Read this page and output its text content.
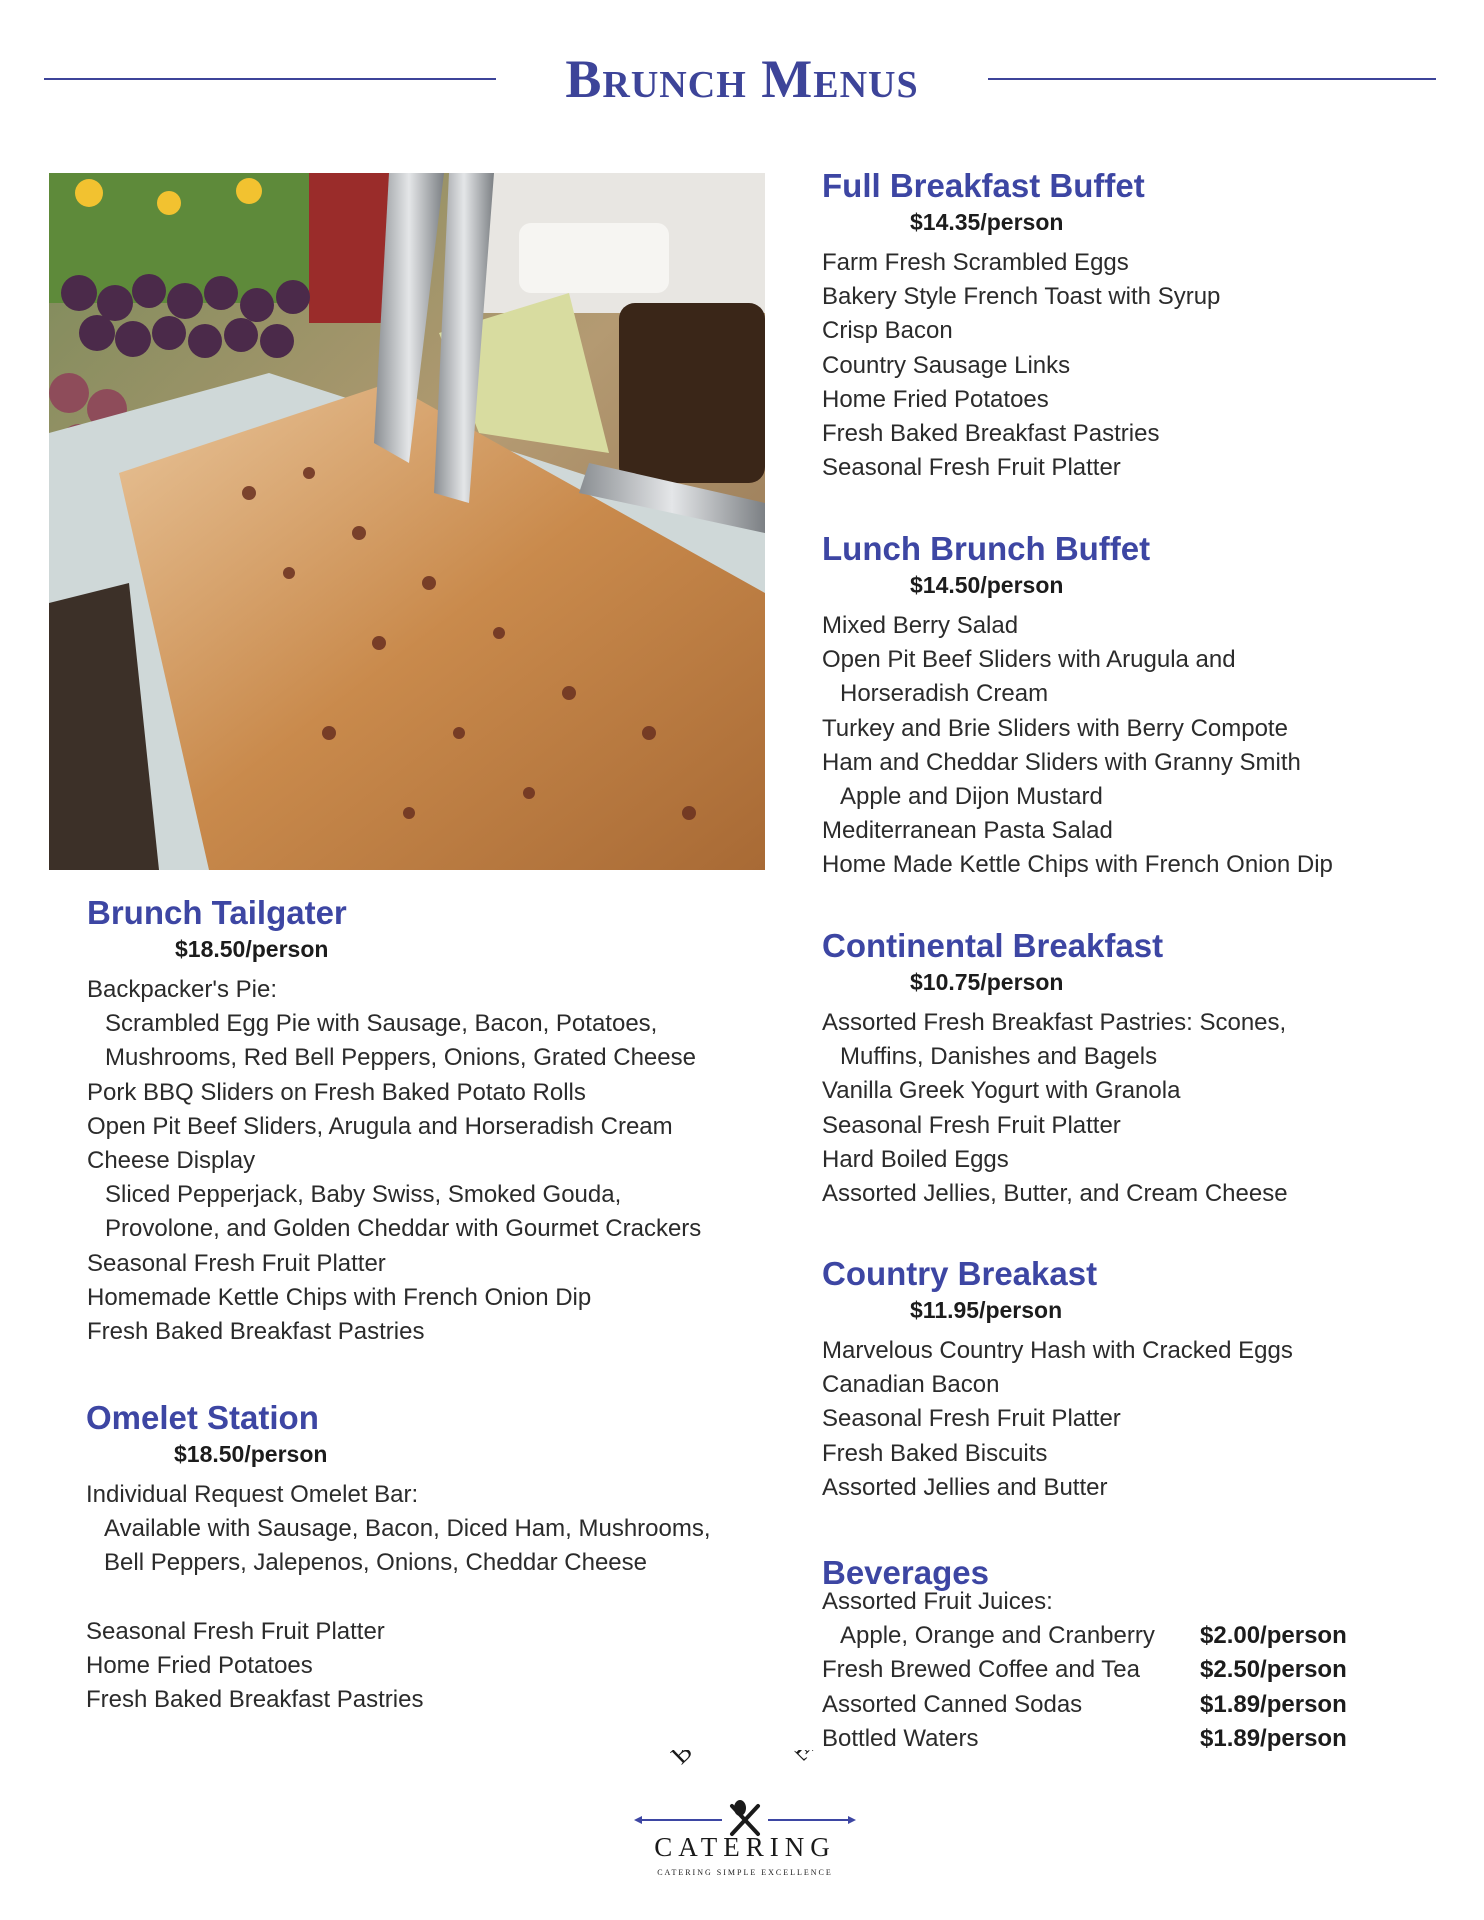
Brunch Menus
Full Breakfast Buffet
$14.35/person
Farm Fresh Scrambled Eggs
Bakery Style French Toast with Syrup
Crisp Bacon
Country Sausage Links
Home Fried Potatoes
Fresh Baked Breakfast Pastries
Seasonal Fresh Fruit Platter
Lunch Brunch Buffet
$14.50/person
Mixed Berry Salad
Open Pit Beef Sliders with Arugula and
Horseradish Cream
Turkey and Brie Sliders with Berry Compote
Ham and Cheddar Sliders with Granny Smith
Apple and Dijon Mustard
Mediterranean Pasta Salad
Home Made Kettle Chips with French Onion Dip
Continental Breakfast
$10.75/person
Assorted Fresh Breakfast Pastries: Scones,
Muffins, Danishes and Bagels
Vanilla Greek Yogurt with Granola
Seasonal Fresh Fruit Platter
Hard Boiled Eggs
Assorted Jellies, Butter, and Cream Cheese
Country Breakast
$11.95/person
Marvelous Country Hash with Cracked Eggs
Canadian Bacon
Seasonal Fresh Fruit Platter
Fresh Baked Biscuits
Assorted Jellies and Butter
Beverages
Assorted Fruit Juices:
Apple, Orange and Cranberry	$2.00/person
Fresh Brewed Coffee and Tea	$2.50/person
Assorted Canned Sodas	$1.89/person
Bottled Waters	$1.89/person
Brunch Tailgater
$18.50/person
Backpacker's Pie:
Scrambled Egg Pie with Sausage, Bacon, Potatoes,
Mushrooms, Red Bell Peppers, Onions, Grated Cheese
Pork BBQ Sliders on Fresh Baked Potato Rolls
Open Pit Beef Sliders, Arugula and Horseradish Cream
Cheese Display
Sliced Pepperjack, Baby Swiss, Smoked Gouda,
Provolone, and Golden Cheddar with Gourmet Crackers
Seasonal Fresh Fruit Platter
Homemade Kettle Chips with French Onion Dip
Fresh Baked Breakfast Pastries
Omelet Station
$18.50/person
Individual Request Omelet Bar:
Available with Sausage, Bacon, Diced Ham, Mushrooms,
Bell Peppers, Jalepenos, Onions, Cheddar Cheese
Seasonal Fresh Fruit Platter
Home Fried Potatoes
Fresh Baked Breakfast Pastries
B E
CATERING
CATERING SIMPLE EXCELLENCE
